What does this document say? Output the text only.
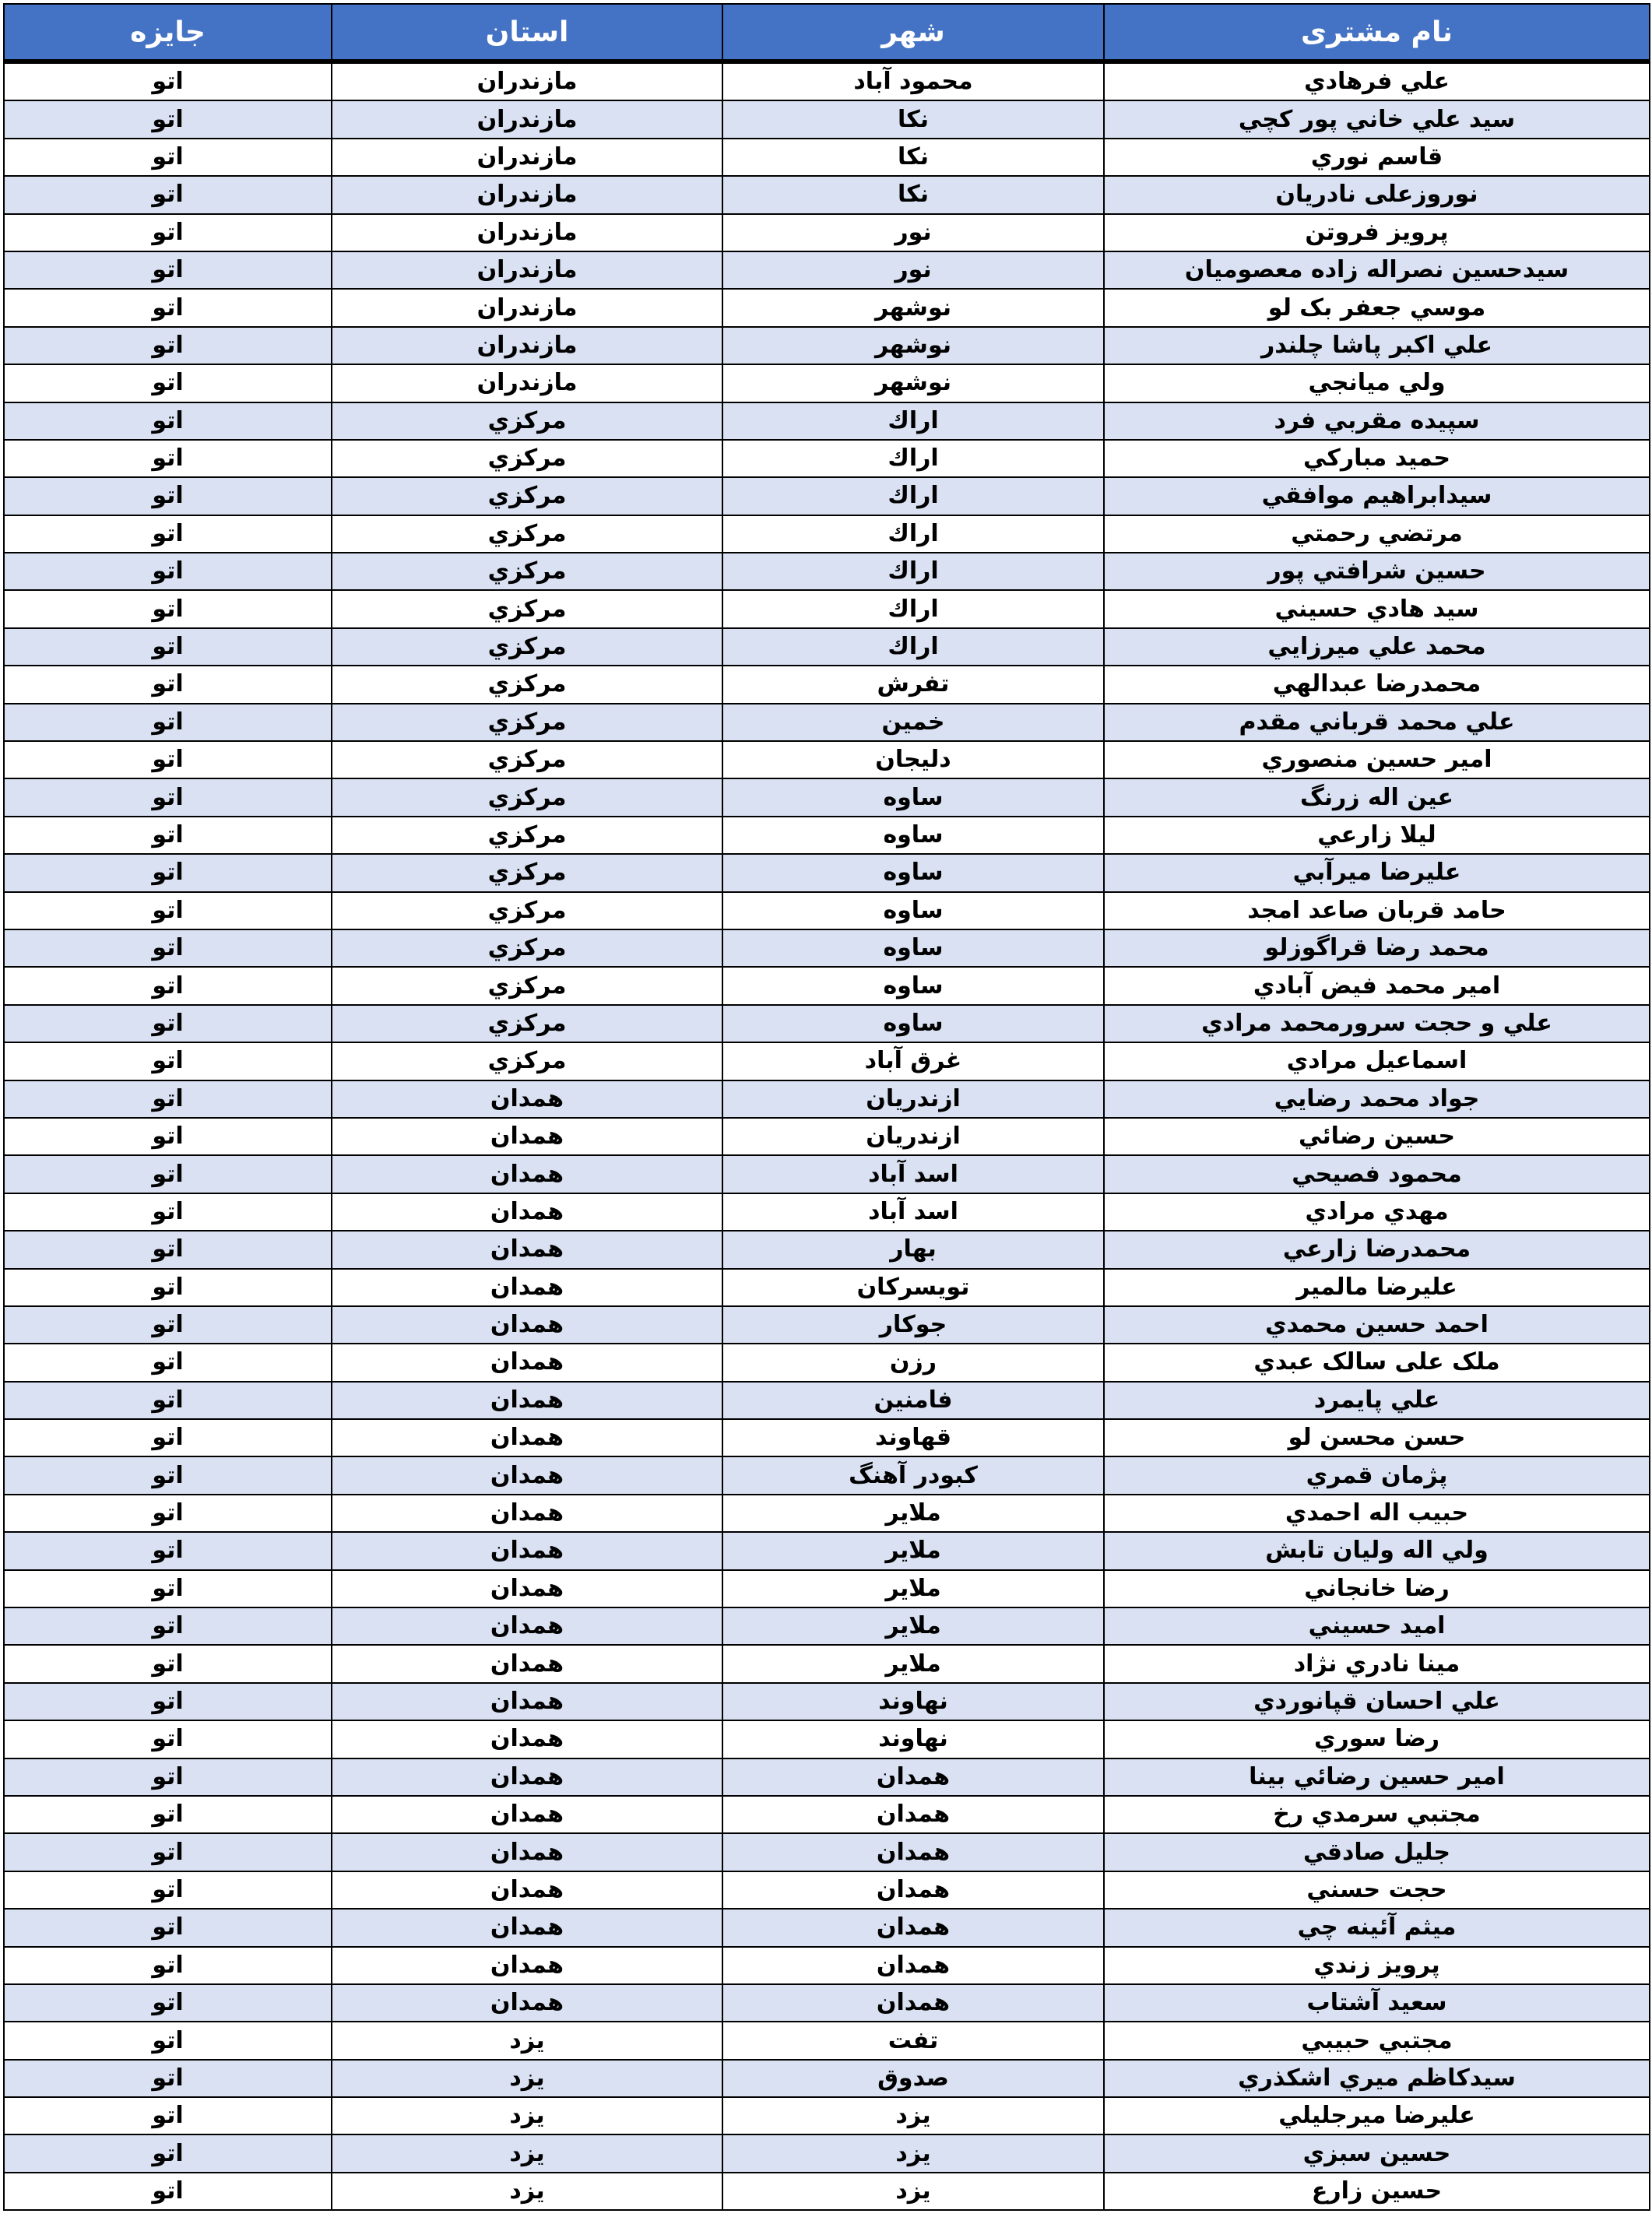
نام مشتری	شهر	استان	جایزه
علي فرهادي	محمود آباد	مازندران	اتو
سيد علي خاني پور كچي	نكا	مازندران	اتو
قاسم نوري	نكا	مازندران	اتو
نوروزعلی نادریان	نكا	مازندران	اتو
پرويز فروتن	نور	مازندران	اتو
سيدحسين نصراله زاده معصوميان	نور	مازندران	اتو
موسي جعفر بک لو	نوشهر	مازندران	اتو
علي اكبر پاشا چلندر	نوشهر	مازندران	اتو
ولي ميانجي	نوشهر	مازندران	اتو
سپيده مقربي فرد	اراك	مركزي	اتو
حميد مباركي	اراك	مركزي	اتو
سيدابراهيم موافقي	اراك	مركزي	اتو
مرتضي رحمتي	اراك	مركزي	اتو
حسين شرافتي پور	اراك	مركزي	اتو
سيد هادي حسيني	اراك	مركزي	اتو
محمد علي ميرزايي	اراك	مركزي	اتو
محمدرضا عبدالهي	تفرش	مركزي	اتو
علي محمد قرباني مقدم	خمين	مركزي	اتو
امير حسين منصوري	دليجان	مركزي	اتو
عين اله زرنگ	ساوه	مركزي	اتو
ليلا زارعي	ساوه	مركزي	اتو
عليرضا ميرآبي	ساوه	مركزي	اتو
حامد قربان صاعد امجد	ساوه	مركزي	اتو
محمد رضا قراگوزلو	ساوه	مركزي	اتو
امير محمد فيض آبادي	ساوه	مركزي	اتو
علي و حجت سرورمحمد مرادي	ساوه	مركزي	اتو
اسماعيل مرادي	غرق آباد	مركزي	اتو
جواد محمد رضايي	ازندريان	همدان	اتو
حسين رضائي	ازندريان	همدان	اتو
محمود فصيحي	اسد آباد	همدان	اتو
مهدي مرادي	اسد آباد	همدان	اتو
محمدرضا زارعي	بهار	همدان	اتو
عليرضا مالمير	تويسركان	همدان	اتو
احمد حسين محمدي	جوكار	همدان	اتو
ملک علی سالک عبدي	رزن	همدان	اتو
علي پايمرد	فامنين	همدان	اتو
حسن محسن لو	قهاوند	همدان	اتو
پژمان قمري	كبودر آهنگ	همدان	اتو
حبيب اله احمدي	ملاير	همدان	اتو
ولي اله وليان تابش	ملاير	همدان	اتو
رضا خانجاني	ملاير	همدان	اتو
اميد حسيني	ملاير	همدان	اتو
مينا نادري نژاد	ملاير	همدان	اتو
علي احسان قپانوردي	نهاوند	همدان	اتو
رضا سوري	نهاوند	همدان	اتو
امير حسين رضائي بينا	همدان	همدان	اتو
مجتبي سرمدي رخ	همدان	همدان	اتو
جليل صادقي	همدان	همدان	اتو
حجت حسني	همدان	همدان	اتو
ميثم آئينه چي	همدان	همدان	اتو
پرويز زندي	همدان	همدان	اتو
سعيد آشتاب	همدان	همدان	اتو
مجتبي حبيبي	تفت	يزد	اتو
سيدكاظم ميري اشكذري	صدوق	يزد	اتو
عليرضا ميرجليلي	يزد	يزد	اتو
حسين سبزي	يزد	يزد	اتو
حسين زارع	يزد	يزد	اتو
